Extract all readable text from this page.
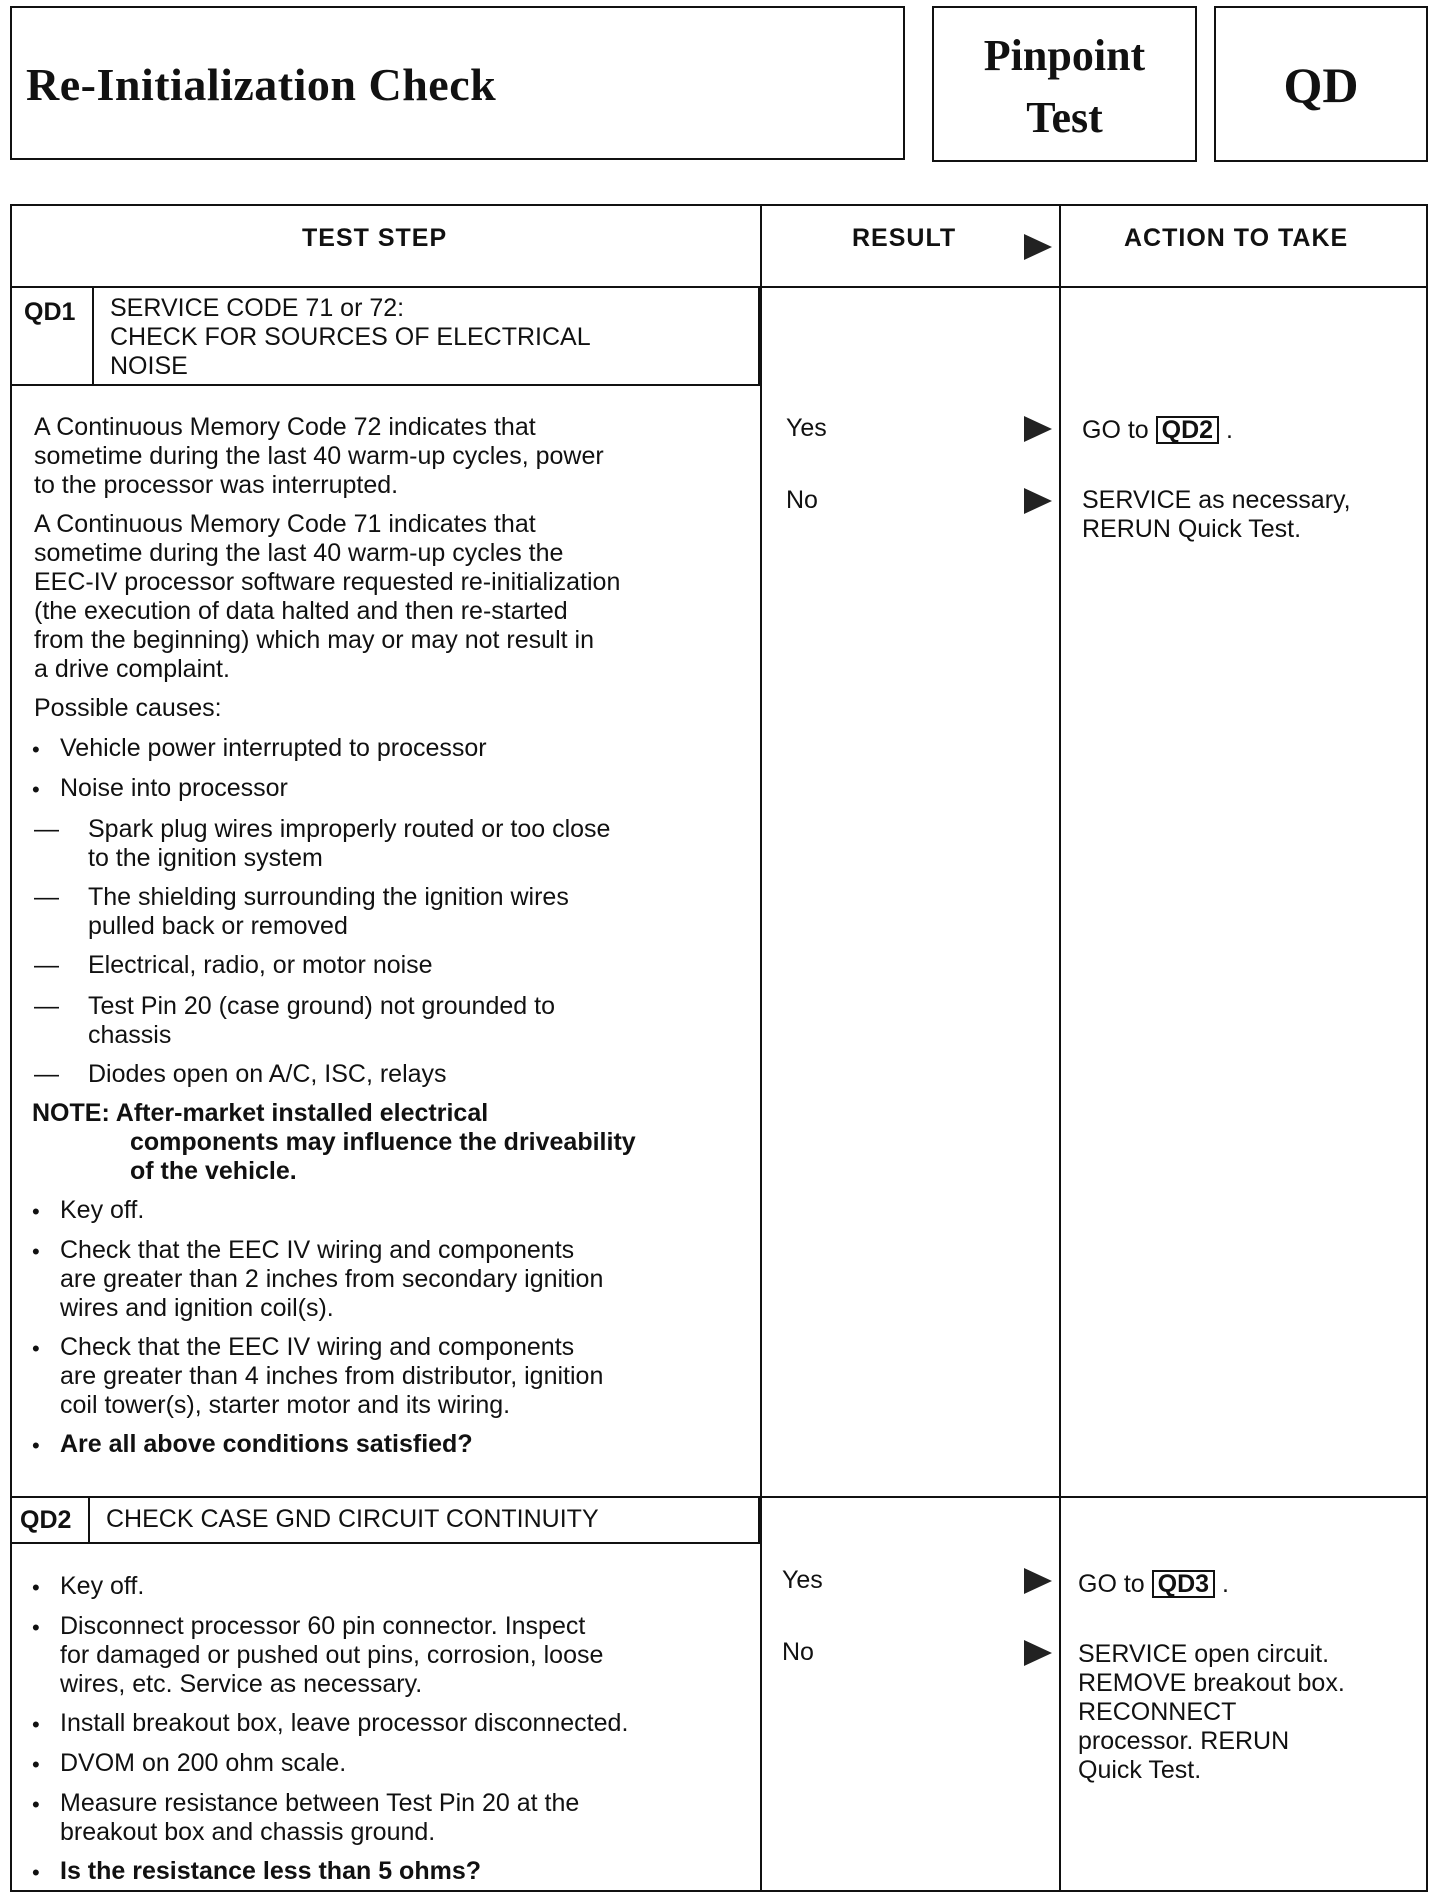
Re-Initialization Check
Pinpoint
Test
QD
TEST STEP	RESULT	ACTION TO TAKE
QD1 SERVICE CODE 71 or 72:
CHECK FOR SOURCES OF ELECTRICAL
NOISE
A Continuous Memory Code 72 indicates that
sometime during the last 40 warm-up cycles, power
to the processor was interrupted.
A Continuous Memory Code 71 indicates that
sometime during the last 40 warm-up cycles the
EEC-IV processor software requested re-initialization
(the execution of data halted and then re-started
from the beginning) which may or may not result in
a drive complaint.
Possible causes:
• Vehicle power interrupted to processor
• Noise into processor
— Spark plug wires improperly routed or too close
to the ignition system
— The shielding surrounding the ignition wires
pulled back or removed
— Electrical, radio, or motor noise
— Test Pin 20 (case ground) not grounded to
chassis
— Diodes open on A/C, ISC, relays
NOTE: After-market installed electrical
components may influence the driveability
of the vehicle.
• Key off.
• Check that the EEC IV wiring and components
are greater than 2 inches from secondary ignition
wires and ignition coil(s).
• Check that the EEC IV wiring and components
are greater than 4 inches from distributor, ignition
coil tower(s), starter motor and its wiring.
• Are all above conditions satisfied?
Yes	GO to QD2 .
No	SERVICE as necessary,
RERUN Quick Test.
QD2 CHECK CASE GND CIRCUIT CONTINUITY
• Key off.
• Disconnect processor 60 pin connector. Inspect
for damaged or pushed out pins, corrosion, loose
wires, etc. Service as necessary.
• Install breakout box, leave processor disconnected.
• DVOM on 200 ohm scale.
• Measure resistance between Test Pin 20 at the
breakout box and chassis ground.
• Is the resistance less than 5 ohms?
Yes	GO to QD3 .
No	SERVICE open circuit.
REMOVE breakout box.
RECONNECT
processor. RERUN
Quick Test.
